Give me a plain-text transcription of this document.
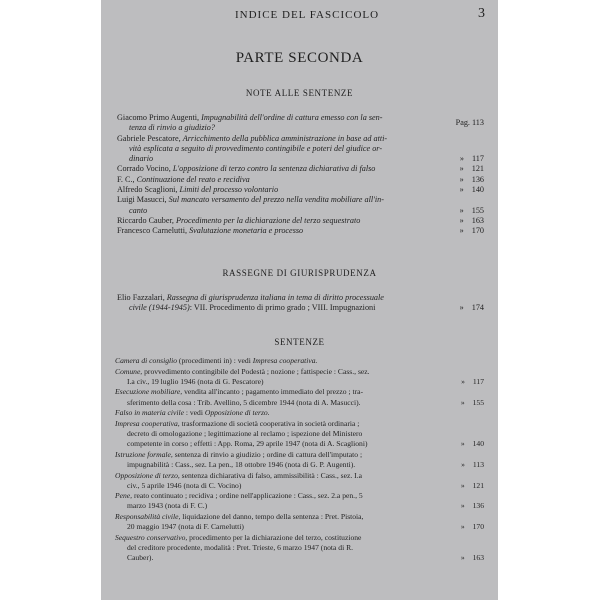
INDICE DEL FASCICOLO	3
PARTE SECONDA
NOTE ALLE SENTENZE
Giacomo Primo Augenti, Impugnabilità dell'ordine di cattura emesso con la sen-
tenza di rinvio a giudizio?
Pag. 113
Gabriele Pescatore, Arricchimento della pubblica amministrazione in base ad atti-
vità esplicata a seguito di provvedimento contingibile e poteri del giudice or-
dinario	» 117
Corrado Vocino, L'opposizione di terzo contro la sentenza dichiarativa di falso	» 121
F. C., Continuazione del reato e recidiva	» 136
Alfredo Scaglioni, Limiti del processo volontario	» 140
Luigi Masucci, Sul mancato versamento del prezzo nella vendita mobiliare all'in-
canto	» 155
Riccardo Cauber, Procedimento per la dichiarazione del terzo sequestrato	» 163
Francesco Carnelutti, Svalutazione monetaria e processo	» 170
RASSEGNE DI GIURISPRUDENZA
Elio Fazzalari, Rassegna di giurisprudenza italiana in tema di diritto processuale
civile (1944-1945): VII. Procedimento di primo grado ; VIII. Impugnazioni	» 174
SENTENZE
Camera di consiglio (procedimenti in) : vedi Impresa cooperativa.
Comune, provvedimento contingibile del Podestà ; nozione ; fattispecie : Cass., sez.
I.a civ., 19 luglio 1946 (nota di G. Pescatore)	» 117
Esecuzione mobiliare, vendita all'incanto ; pagamento immediato del prezzo ; tra-
sferimento della cosa : Trib. Avellino, 5 dicembre 1944 (nota di A. Masucci).	» 155
Falso in materia civile : vedi Opposizione di terzo.
Impresa cooperativa, trasformazione di società cooperativa in società ordinaria ;
decreto di omologazione ; legittimazione al reclamo ; ispezione del Ministero
competente in corso ; effetti : App. Roma, 29 aprile 1947 (nota di A. Scaglioni)	» 140
Istruzione formale, sentenza di rinvio a giudizio ; ordine di cattura dell'imputato ;
impugnabilità : Cass., sez. I.a pen., 18 ottobre 1946 (nota di G. P. Augenti).	» 113
Opposizione di terzo, sentenza dichiarativa di falso, ammissibilità : Cass., sez. I.a
civ., 5 aprile 1946 (nota di C. Vocino)	» 121
Pene, reato continuato ; recidiva ; ordine nell'applicazione : Cass., sez. 2.a pen., 5
marzo 1943 (nota di F. C.)	» 136
Responsabilità civile, liquidazione del danno, tempo della sentenza : Pret. Pistoia,
20 maggio 1947 (nota di F. Carnelutti)	» 170
Sequestro conservativo, procedimento per la dichiarazione del terzo, costituzione
del creditore procedente, modalità : Pret. Trieste, 6 marzo 1947 (nota di R.
Cauber).	» 163
